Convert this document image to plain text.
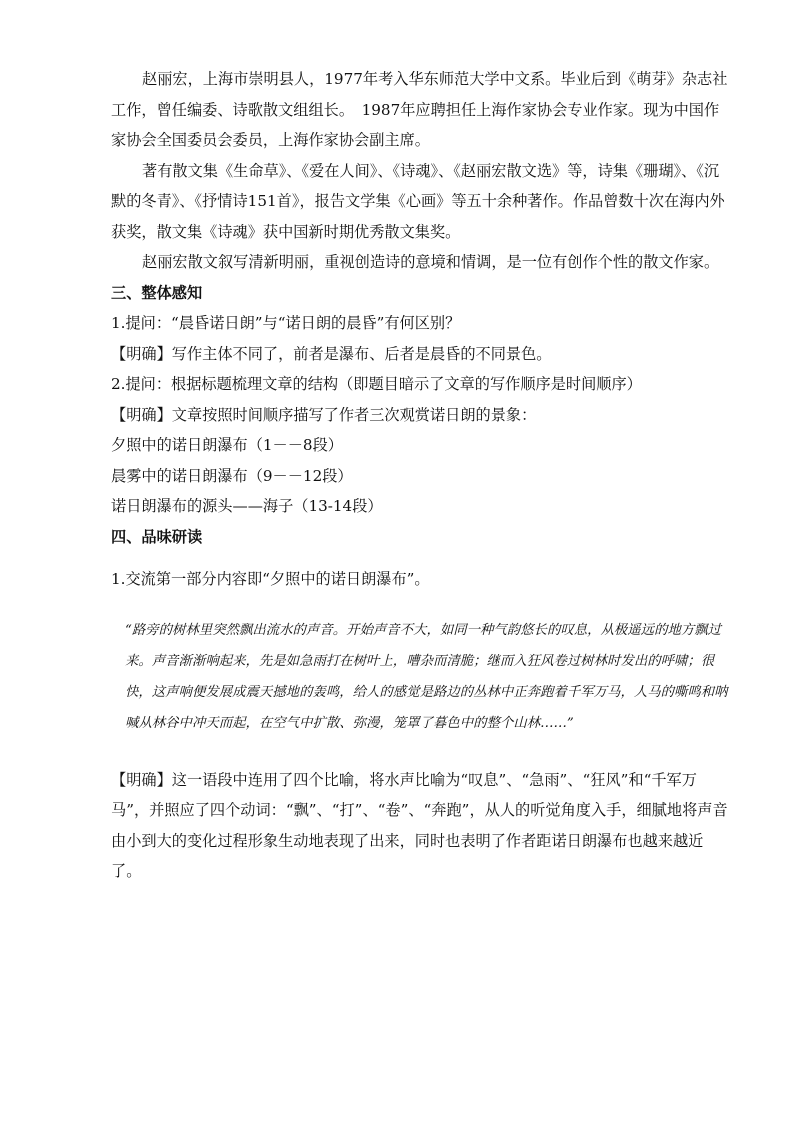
赵丽宏，上海市崇明县人，1977年考入华东师范大学中文系。毕业后到《萌芽》杂志社工作，曾任编委、诗歌散文组组长。　1987年应聘担任上海作家协会专业作家。现为中国作家协会全国委员会委员，上海作家协会副主席。

著有散文集《生命草》、《爱在人间》、《诗魂》、《赵丽宏散文选》等，诗集《珊瑚》、《沉默的冬青》、《抒情诗151首》，报告文学集《心画》等五十余种著作。作品曾数十次在海内外获奖，散文集《诗魂》获中国新时期优秀散文集奖。

赵丽宏散文叙写清新明丽，重视创造诗的意境和情调，是一位有创作个性的散文作家。

三、整体感知

1.提问：“晨昏诺日朗”与“诺日朗的晨昏”有何区别？

【明确】写作主体不同了，前者是瀑布、后者是晨昏的不同景色。

2.提问：根据标题梳理文章的结构（即题目暗示了文章的写作顺序是时间顺序）

【明确】文章按照时间顺序描写了作者三次观赏诺日朗的景象：

夕照中的诺日朗瀑布（1－－8段）

晨雾中的诺日朗瀑布（9－－12段）

诺日朗瀑布的源头——海子（13-14段）

四、品味研读

1.交流第一部分内容即“夕照中的诺日朗瀑布”。

“路旁的树林里突然飘出流水的声音。开始声音不大，如同一种气韵悠长的叹息，从极遥远的地方飘过来。声音渐渐响起来，先是如急雨打在树叶上，嘈杂而清脆；继而入狂风卷过树林时发出的呼啸；很快，这声响便发展成震天撼地的轰鸣，给人的感觉是路边的丛林中正奔跑着千军万马，人马的嘶鸣和呐喊从林谷中冲天而起，在空气中扩散、弥漫，笼罩了暮色中的整个山林……”

【明确】这一语段中连用了四个比喻，将水声比喻为“叹息”、“急雨”、“狂风”和“千军万马”，并照应了四个动词：“飘”、“打”、“卷”、“奔跑”，从人的听觉角度入手，细腻地将声音由小到大的变化过程形象生动地表现了出来，同时也表明了作者距诺日朗瀑布也越来越近了。
